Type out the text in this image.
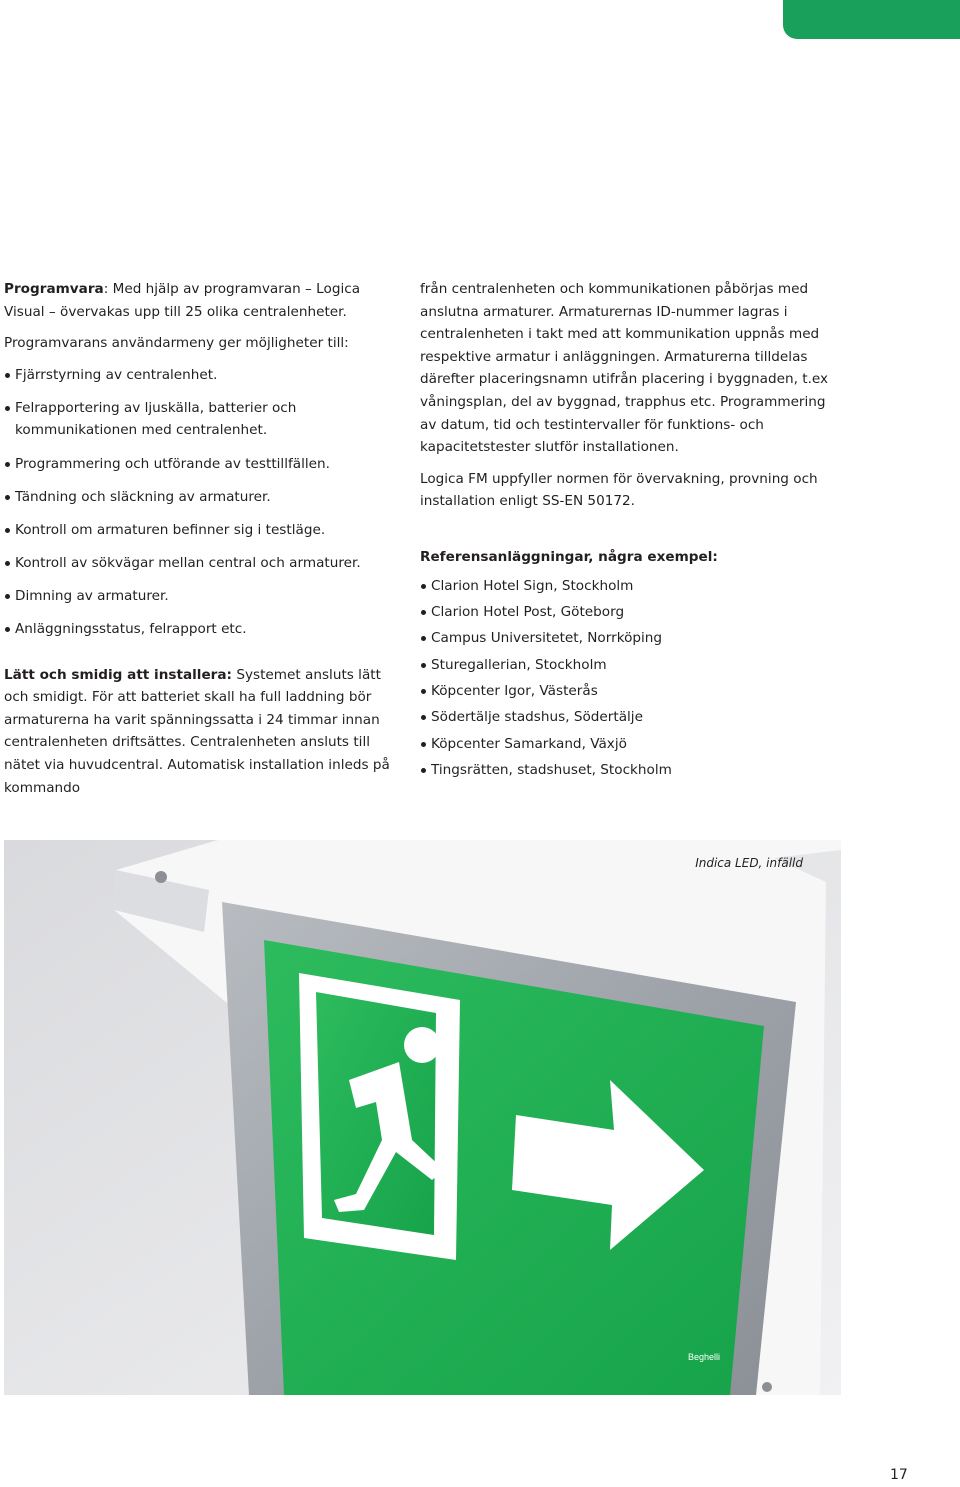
Programvara: Med hjälp av programvaran – Logica Visual – övervakas upp till 25 olika centralenheter.

Programvarans användarmeny ger möjligheter till:

Fjärrstyrning av centralenhet.
Felrapportering av ljuskälla, batterier och kommunikationen med centralenhet.
Programmering och utförande av testtillfällen.
Tändning och släckning av armaturer.
Kontroll om armaturen befinner sig i testläge.
Kontroll av sökvägar mellan central och armaturer.
Dimning av armaturer.
Anläggningsstatus, felrapport etc.

Lätt och smidig att installera: Systemet ansluts lätt och smidigt. För att batteriet skall ha full laddning bör armaturerna ha varit spänningssatta i 24 timmar innan centralenheten driftsättes. Centralenheten ansluts till nätet via huvudcentral. Automatisk installation inleds på kommando

från centralenheten och kommunikationen påbörjas med anslutna armaturer. Armaturernas ID-nummer lagras i centralenheten i takt med att kommunikation uppnås med respektive armatur i anläggningen. Armaturerna tilldelas därefter placeringsnamn utifrån placering i byggnaden, t.ex våningsplan, del av byggnad, trapphus etc. Programmering av datum, tid och testintervaller för funktions- och kapacitetstester slutför installationen.

Logica FM uppfyller normen för övervakning, provning och installation enligt SS-EN 50172.

Referensanläggningar, några exempel:

Clarion Hotel Sign, Stockholm
Clarion Hotel Post, Göteborg
Campus Universitetet, Norrköping
Sturegallerian, Stockholm
Köpcenter Igor, Västerås
Södertälje stadshus, Södertälje
Köpcenter Samarkand, Växjö
Tingsrätten, stadshuset, Stockholm
Beghelli
Indica LED, infälld
17
